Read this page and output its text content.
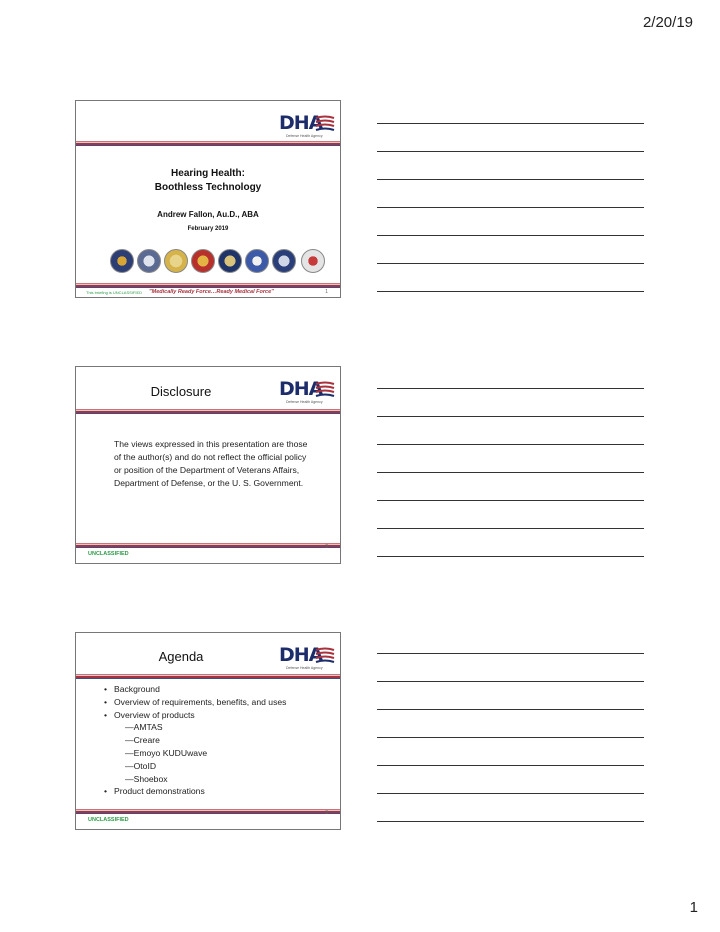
2/20/19
DHA
Defense Health Agency
Hearing Health:
Boothless Technology
Andrew Fallon, Au.D., ABA
February 2019
This briefing is UNCLASSIFIED "Medically Ready Force…Ready Medical Force"	1
Disclosure	DHA
Defense Health Agency
The views expressed in this presentation are those of the author(s) and do not reflect the official policy or position of the Department of Veterans Affairs, Department of Defense, or the U. S. Government.
UNCLASSIFIED
2
Agenda	DHA
Defense Health Agency
• Background
• Overview of requirements, benefits, and uses
• Overview of products
— AMTAS
— Creare
— Emoyo KUDUwave
— OtoID
— Shoebox
• Product demonstrations
UNCLASSIFIED
3
1
